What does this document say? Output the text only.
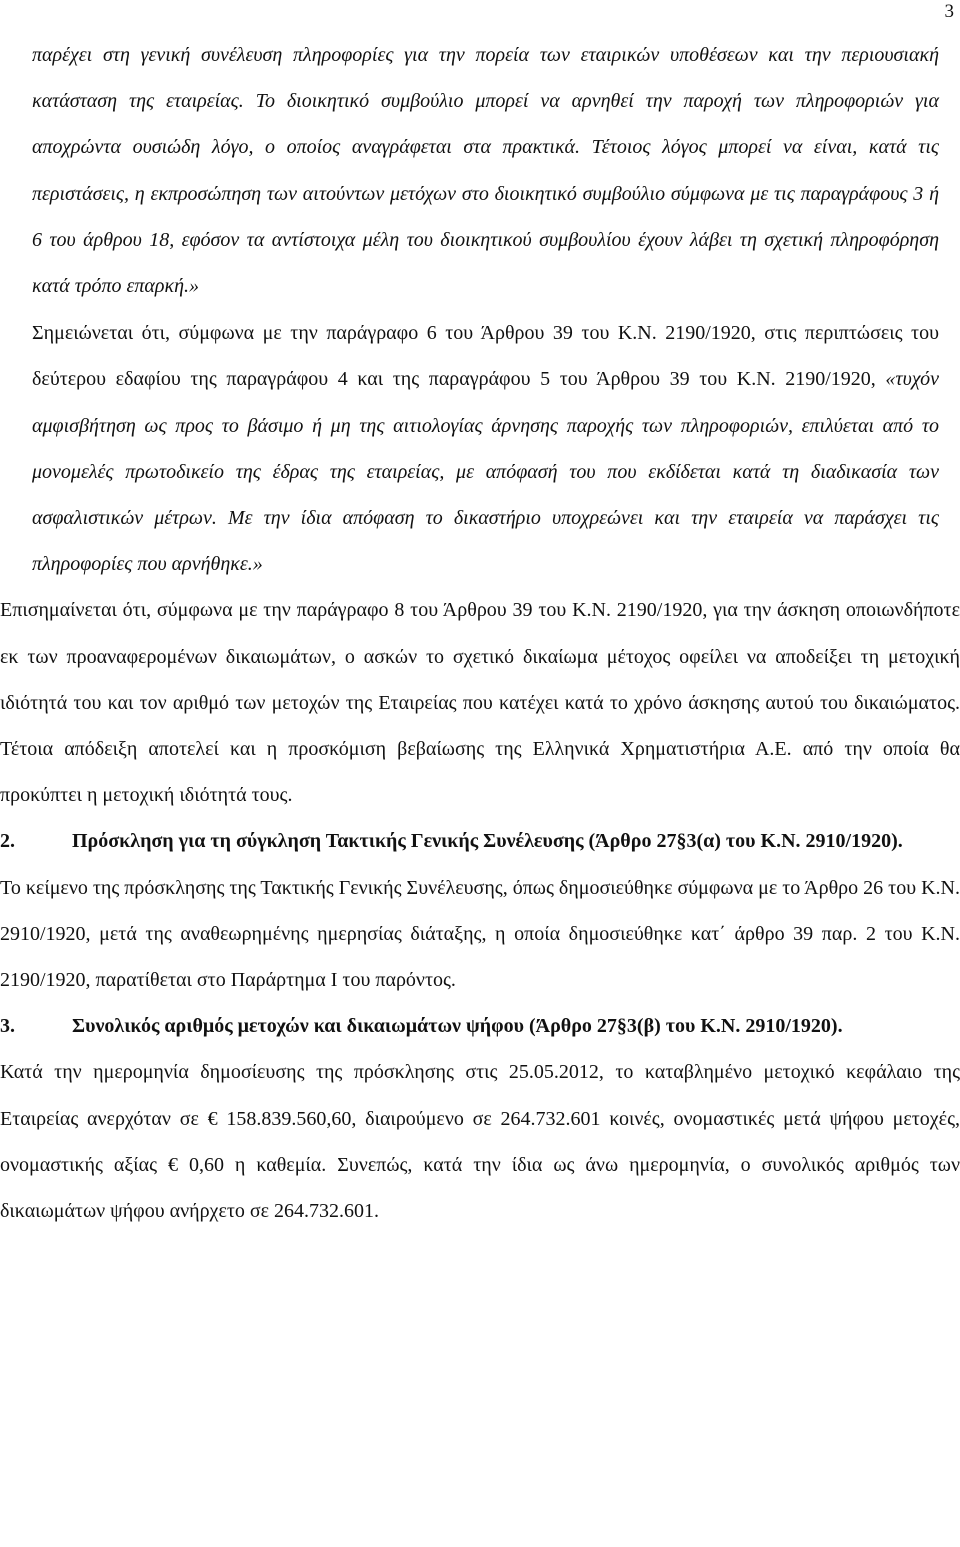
3

παρέχει στη γενική συνέλευση πληροφορίες για την πορεία των εταιρικών υποθέσεων και την περιουσιακή κατάσταση της εταιρείας. Το διοικητικό συμβούλιο μπορεί να αρνηθεί την παροχή των πληροφοριών για αποχρώντα ουσιώδη λόγο, ο οποίος αναγράφεται στα πρακτικά. Τέτοιος λόγος μπορεί να είναι, κατά τις περιστάσεις, η εκπροσώπηση των αιτούντων μετόχων στο διοικητικό συμβούλιο σύμφωνα με τις παραγράφους 3 ή 6 του άρθρου 18, εφόσον τα αντίστοιχα μέλη του διοικητικού συμβουλίου έχουν λάβει τη σχετική πληροφόρηση κατά τρόπο επαρκή.»

Σημειώνεται ότι, σύμφωνα με την παράγραφο 6 του Άρθρου 39 του Κ.Ν. 2190/1920, στις περιπτώσεις του δεύτερου εδαφίου της παραγράφου 4 και της παραγράφου 5 του Άρθρου 39 του Κ.Ν. 2190/1920, «τυχόν αμφισβήτηση ως προς το βάσιμο ή μη της αιτιολογίας άρνησης παροχής των πληροφοριών, επιλύεται από το μονομελές πρωτοδικείο της έδρας της εταιρείας, με απόφασή του που εκδίδεται κατά τη διαδικασία των ασφαλιστικών μέτρων. Με την ίδια απόφαση το δικαστήριο υποχρεώνει και την εταιρεία να παράσχει τις πληροφορίες που αρνήθηκε.»

Επισημαίνεται ότι, σύμφωνα με την παράγραφο 8 του Άρθρου 39 του Κ.Ν. 2190/1920, για την άσκηση οποιωνδήποτε εκ των προαναφερομένων δικαιωμάτων, ο ασκών το σχετικό δικαίωμα μέτοχος οφείλει να αποδείξει τη μετοχική ιδιότητά του και τον αριθμό των μετοχών της Εταιρείας που κατέχει κατά το χρόνο άσκησης αυτού του δικαιώματος. Τέτοια απόδειξη αποτελεί και η προσκόμιση βεβαίωσης της Ελληνικά Χρηματιστήρια Α.Ε. από την οποία θα προκύπτει η μετοχική ιδιότητά τους.

2.	Πρόσκληση για τη σύγκληση Τακτικής Γενικής Συνέλευσης (Άρθρο 27§3(α) του Κ.Ν. 2910/1920).

Το κείμενο της πρόσκλησης της Τακτικής Γενικής Συνέλευσης, όπως δημοσιεύθηκε σύμφωνα με το Άρθρο 26 του Κ.Ν. 2910/1920, μετά της αναθεωρημένης ημερησίας διάταξης, η οποία δημοσιεύθηκε κατ΄ άρθρο 39 παρ. 2 του Κ.Ν. 2190/1920, παρατίθεται στο Παράρτημα Ι του παρόντος.

3.	Συνολικός αριθμός μετοχών και δικαιωμάτων ψήφου (Άρθρο 27§3(β) του Κ.Ν. 2910/1920).

Κατά την ημερομηνία δημοσίευσης της πρόσκλησης στις 25.05.2012, το καταβλημένο μετοχικό κεφάλαιο της Εταιρείας ανερχόταν σε € 158.839.560,60, διαιρούμενο σε 264.732.601 κοινές, ονομαστικές μετά ψήφου μετοχές, ονομαστικής αξίας € 0,60 η καθεμία. Συνεπώς, κατά την ίδια ως άνω ημερομηνία, ο συνολικός αριθμός των δικαιωμάτων ψήφου ανήρχετο σε 264.732.601.
